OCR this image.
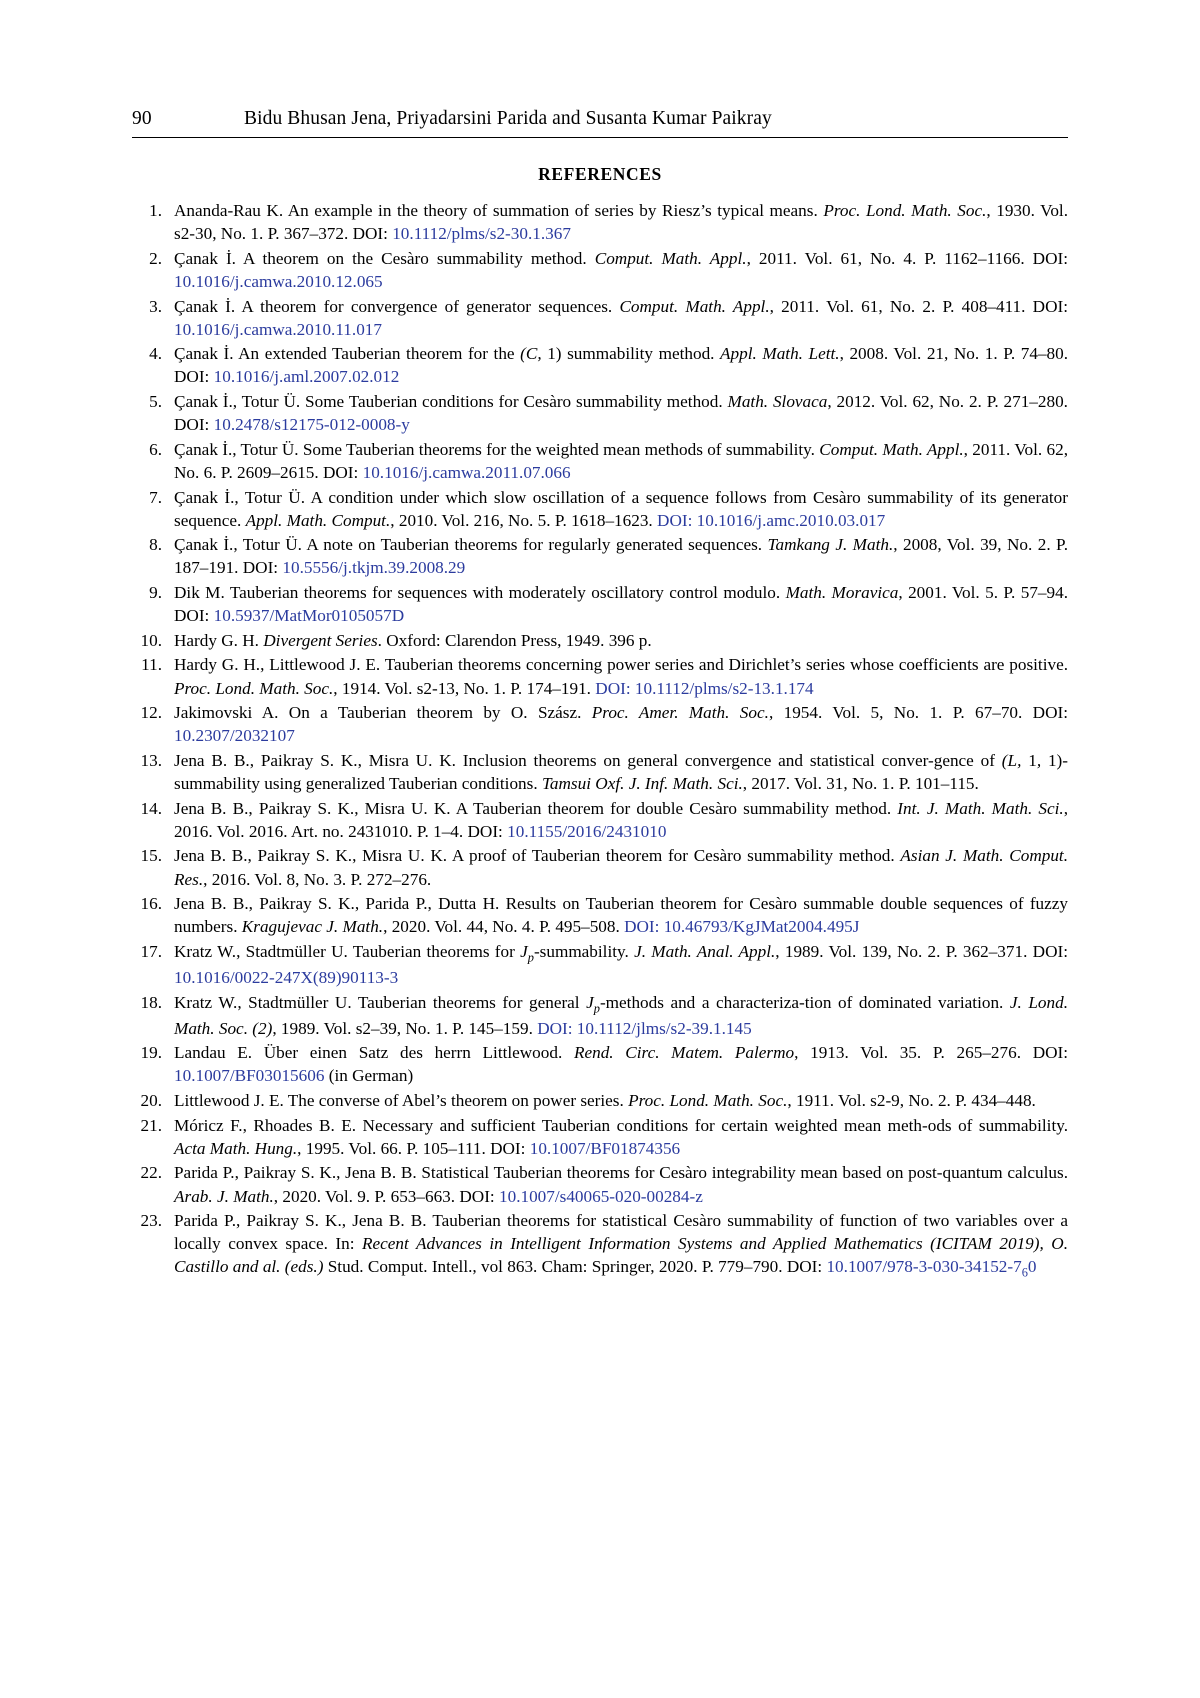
90	Bidu Bhusan Jena, Priyadarsini Parida and Susanta Kumar Paikray
REFERENCES
1. Ananda-Rau K. An example in the theory of summation of series by Riesz’s typical means. Proc. Lond. Math. Soc., 1930. Vol. s2-30, No. 1. P. 367–372. DOI: 10.1112/plms/s2-30.1.367
2. Çanak İ. A theorem on the Cesàro summability method. Comput. Math. Appl., 2011. Vol. 61, No. 4. P. 1162–1166. DOI: 10.1016/j.camwa.2010.12.065
3. Çanak İ. A theorem for convergence of generator sequences. Comput. Math. Appl., 2011. Vol. 61, No. 2. P. 408–411. DOI: 10.1016/j.camwa.2010.11.017
4. Çanak İ. An extended Tauberian theorem for the (C, 1) summability method. Appl. Math. Lett., 2008. Vol. 21, No. 1. P. 74–80. DOI: 10.1016/j.aml.2007.02.012
5. Çanak İ., Totur Ü. Some Tauberian conditions for Cesàro summability method. Math. Slovaca, 2012. Vol. 62, No. 2. P. 271–280. DOI: 10.2478/s12175-012-0008-y
6. Çanak İ., Totur Ü. Some Tauberian theorems for the weighted mean methods of summability. Comput. Math. Appl., 2011. Vol. 62, No. 6. P. 2609–2615. DOI: 10.1016/j.camwa.2011.07.066
7. Çanak İ., Totur Ü. A condition under which slow oscillation of a sequence follows from Cesàro summability of its generator sequence. Appl. Math. Comput., 2010. Vol. 216, No. 5. P. 1618–1623. DOI: 10.1016/j.amc.2010.03.017
8. Çanak İ., Totur Ü. A note on Tauberian theorems for regularly generated sequences. Tamkang J. Math., 2008, Vol. 39, No. 2. P. 187–191. DOI: 10.5556/j.tkjm.39.2008.29
9. Dik M. Tauberian theorems for sequences with moderately oscillatory control modulo. Math. Moravica, 2001. Vol. 5. P. 57–94. DOI: 10.5937/MatMor0105057D
10. Hardy G. H. Divergent Series. Oxford: Clarendon Press, 1949. 396 p.
11. Hardy G. H., Littlewood J. E. Tauberian theorems concerning power series and Dirichlet’s series whose coefficients are positive. Proc. Lond. Math. Soc., 1914. Vol. s2-13, No. 1. P. 174–191. DOI: 10.1112/plms/s2-13.1.174
12. Jakimovski A. On a Tauberian theorem by O. Szász. Proc. Amer. Math. Soc., 1954. Vol. 5, No. 1. P. 67–70. DOI: 10.2307/2032107
13. Jena B. B., Paikray S. K., Misra U. K. Inclusion theorems on general convergence and statistical conver-gence of (L, 1, 1)-summability using generalized Tauberian conditions. Tamsui Oxf. J. Inf. Math. Sci., 2017. Vol. 31, No. 1. P. 101–115.
14. Jena B. B., Paikray S. K., Misra U. K. A Tauberian theorem for double Cesàro summability method. Int. J. Math. Math. Sci., 2016. Vol. 2016. Art. no. 2431010. P. 1–4. DOI: 10.1155/2016/2431010
15. Jena B. B., Paikray S. K., Misra U. K. A proof of Tauberian theorem for Cesàro summability method. Asian J. Math. Comput. Res., 2016. Vol. 8, No. 3. P. 272–276.
16. Jena B. B., Paikray S. K., Parida P., Dutta H. Results on Tauberian theorem for Cesàro summable double sequences of fuzzy numbers. Kragujevac J. Math., 2020. Vol. 44, No. 4. P. 495–508. DOI: 10.46793/KgJMat2004.495J
17. Kratz W., Stadtmüller U. Tauberian theorems for $J_p$-summability. J. Math. Anal. Appl., 1989. Vol. 139, No. 2. P. 362–371. DOI: 10.1016/0022-247X(89)90113-3
18. Kratz W., Stadtmüller U. Tauberian theorems for general $J_p$-methods and a characteriza-tion of dominated variation. J. Lond. Math. Soc. (2), 1989. Vol. s2–39, No. 1. P. 145–159. DOI: 10.1112/jlms/s2-39.1.145
19. Landau E. Über einen Satz des herrn Littlewood. Rend. Circ. Matem. Palermo, 1913. Vol. 35. P. 265–276. DOI: 10.1007/BF03015606 (in German)
20. Littlewood J. E. The converse of Abel’s theorem on power series. Proc. Lond. Math. Soc., 1911. Vol. s2-9, No. 2. P. 434–448.
21. Móricz F., Rhoades B. E. Necessary and sufficient Tauberian conditions for certain weighted mean meth-ods of summability. Acta Math. Hung., 1995. Vol. 66. P. 105–111. DOI: 10.1007/BF01874356
22. Parida P., Paikray S. K., Jena B. B. Statistical Tauberian theorems for Cesàro integrability mean based on post-quantum calculus. Arab. J. Math., 2020. Vol. 9. P. 653–663. DOI: 10.1007/s40065-020-00284-z
23. Parida P., Paikray S. K., Jena B. B. Tauberian theorems for statistical Cesàro summability of function of two variables over a locally convex space. In: Recent Advances in Intelligent Information Systems and Applied Mathematics (ICITAM 2019), O. Castillo and al. (eds.) Stud. Comput. Intell., vol 863. Cham: Springer, 2020. P. 779–790. DOI: $10.1007/978-3-030-34152-7_60$
